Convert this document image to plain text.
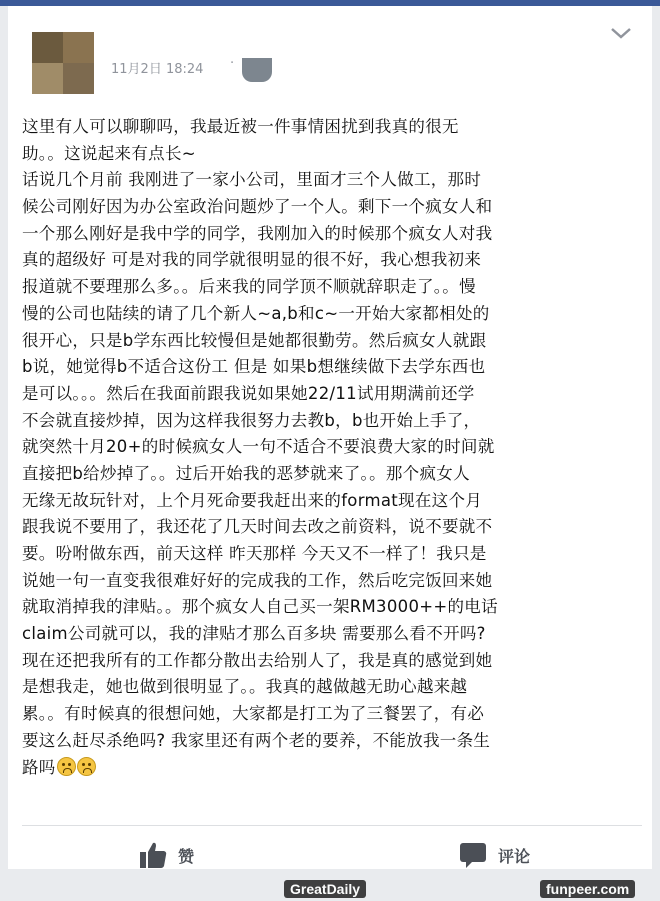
11月2日 18:24 ·
这里有人可以聊聊吗，我最近被一件事情困扰到我真的很无
助。。这说起来有点长~
话说几个月前 我刚进了一家小公司，里面才三个人做工，那时
候公司刚好因为办公室政治问题炒了一个人。剩下一个疯女人和
一个那么刚好是我中学的同学，我刚加入的时候那个疯女人对我
真的超级好 可是对我的同学就很明显的很不好，我心想我初来
报道就不要理那么多。。后来我的同学顶不顺就辞职走了。。慢
慢的公司也陆续的请了几个新人~a,b和c~一开始大家都相处的
很开心，只是b学东西比较慢但是她都很勤劳。然后疯女人就跟
b说，她觉得b不适合这份工 但是 如果b想继续做下去学东西也
是可以。。。然后在我面前跟我说如果她22/11试用期满前还学
不会就直接炒掉，因为这样我很努力去教b，b也开始上手了，
就突然十月20+的时候疯女人一句不适合不要浪费大家的时间就
直接把b给炒掉了。。过后开始我的恶梦就来了。。那个疯女人
无缘无故玩针对，上个月死命要我赶出来的format现在这个月
跟我说不要用了，我还花了几天时间去改之前资料，说不要就不
要。吩咐做东西，前天这样 昨天那样 今天又不一样了！我只是
说她一句一直变我很难好好的完成我的工作，然后吃完饭回来她
就取消掉我的津贴。。那个疯女人自己买一架RM3000++的电话
claim公司就可以，我的津贴才那么百多块 需要那么看不开吗?
现在还把我所有的工作都分散出去给别人了，我是真的感觉到她
是想我走，她也做到很明显了。。我真的越做越无助心越来越
累。。有时候真的很想问她，大家都是打工为了三餐罢了，有必
要这么赶尽杀绝吗? 我家里还有两个老的要养，不能放我一条生
路吗
赞	评论
GreatDaily	funpeer.com
